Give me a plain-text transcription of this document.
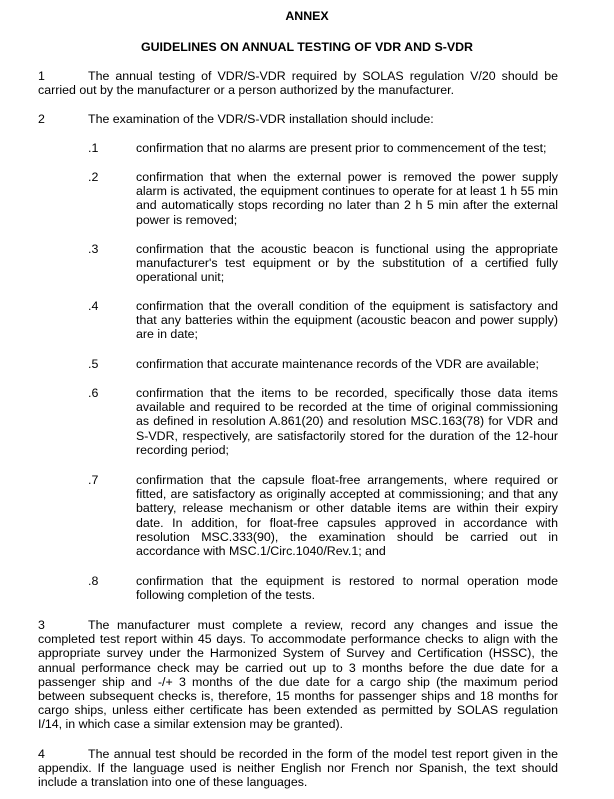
ANNEX
GUIDELINES ON ANNUAL TESTING OF VDR AND S-VDR
1	The annual testing of VDR/S-VDR required by SOLAS regulation V/20 should be carried out by the manufacturer or a person authorized by the manufacturer.
2	The examination of the VDR/S-VDR installation should include:
.1	confirmation that no alarms are present prior to commencement of the test;
.2	confirmation that when the external power is removed the power supply alarm is activated, the equipment continues to operate for at least 1 h 55 min and automatically stops recording no later than 2 h 5 min after the external power is removed;
.3	confirmation that the acoustic beacon is functional using the appropriate manufacturer's test equipment or by the substitution of a certified fully operational unit;
.4	confirmation that the overall condition of the equipment is satisfactory and that any batteries within the equipment (acoustic beacon and power supply) are in date;
.5	confirmation that accurate maintenance records of the VDR are available;
.6	confirmation that the items to be recorded, specifically those data items available and required to be recorded at the time of original commissioning as defined in resolution A.861(20) and resolution MSC.163(78) for VDR and S-VDR, respectively, are satisfactorily stored for the duration of the 12-hour recording period;
.7	confirmation that the capsule float-free arrangements, where required or fitted, are satisfactory as originally accepted at commissioning; and that any battery, release mechanism or other datable items are within their expiry date. In addition, for float-free capsules approved in accordance with resolution MSC.333(90), the examination should be carried out in accordance with MSC.1/Circ.1040/Rev.1; and
.8	confirmation that the equipment is restored to normal operation mode following completion of the tests.
3	The manufacturer must complete a review, record any changes and issue the completed test report within 45 days. To accommodate performance checks to align with the appropriate survey under the Harmonized System of Survey and Certification (HSSC), the annual performance check may be carried out up to 3 months before the due date for a passenger ship and -/+ 3 months of the due date for a cargo ship (the maximum period between subsequent checks is, therefore, 15 months for passenger ships and 18 months for cargo ships, unless either certificate has been extended as permitted by SOLAS regulation I/14, in which case a similar extension may be granted).
4	The annual test should be recorded in the form of the model test report given in the appendix. If the language used is neither English nor French nor Spanish, the text should include a translation into one of these languages.
